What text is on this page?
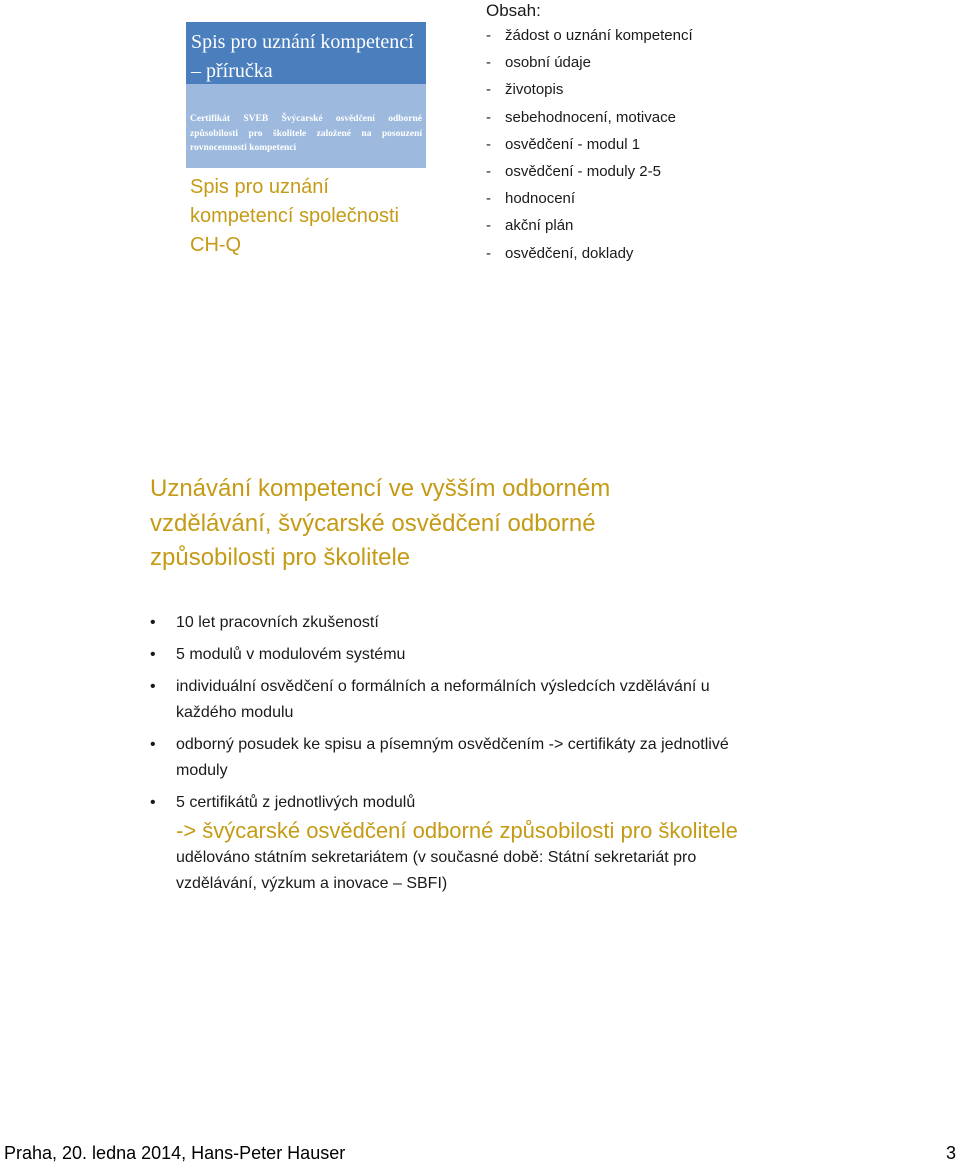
Spis pro uznání kompetencí – příručka
Certifikát SVEB Švýcarské osvědčení odborné způsobilosti pro školitele založené na posouzení rovnocennosti kompetencí
Spis pro uznání kompetencí společnosti CH-Q
Obsah:
- žádost o uznání kompetencí
- osobní údaje
- životopis
- sebehodnocení, motivace
- osvědčení - modul 1
- osvědčení - moduly 2-5
- hodnocení
- akční plán
- osvědčení, doklady
Uznávání kompetencí ve vyšším odborném vzdělávání, švýcarské osvědčení odborné způsobilosti pro školitele
• 10 let pracovních zkušeností
• 5 modulů v modulovém systému
• individuální osvědčení o formálních a neformálních výsledcích vzdělávání u každého modulu
• odborný posudek ke spisu a písemným osvědčením -> certifikáty za jednotlivé moduly
• 5 certifikátů z jednotlivých modulů
-> švýcarské osvědčení odborné způsobilosti pro školitele
udělováno státním sekretariátem (v současné době: Státní sekretariát pro vzdělávání, výzkum a inovace – SBFI)
Praha, 20. ledna 2014, Hans-Peter Hauser	3
